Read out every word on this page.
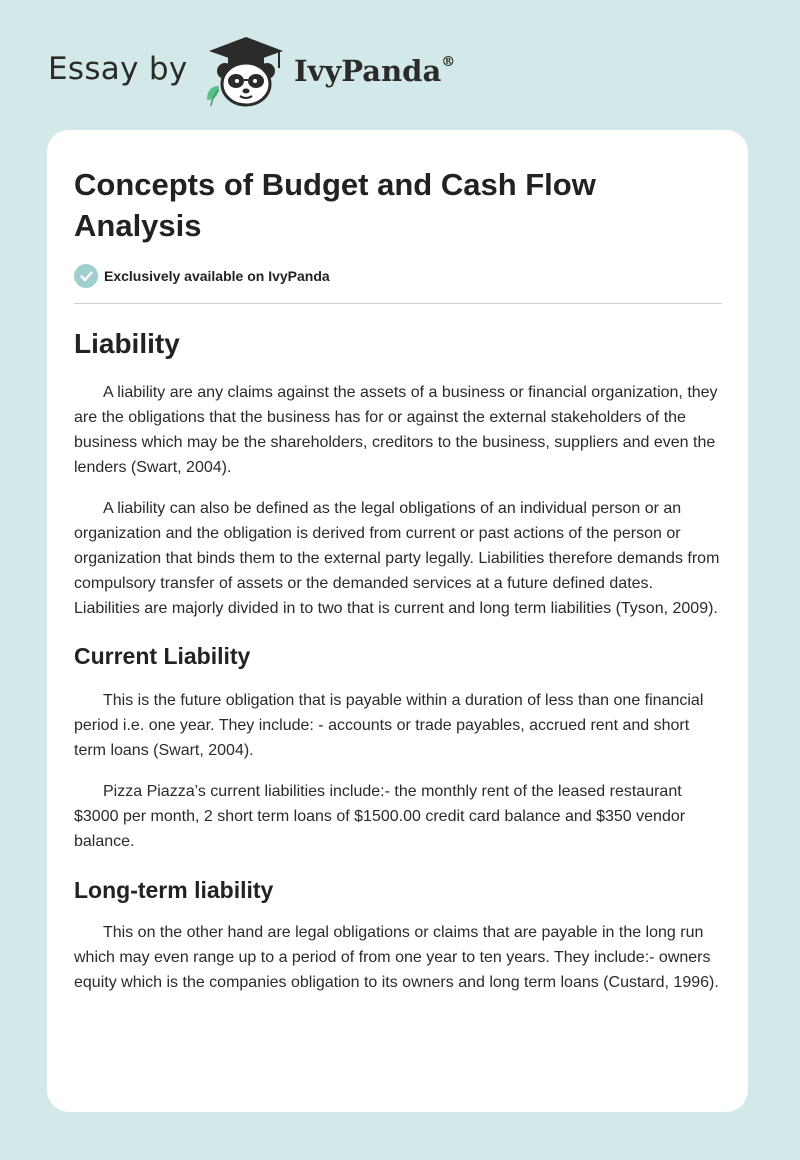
Essay by	IvyPanda®
Concepts of Budget and Cash Flow Analysis
Exclusively available on IvyPanda
Liability

A liability are any claims against the assets of a business or financial organization, they are the obligations that the business has for or against the external stakeholders of the business which may be the shareholders, creditors to the business, suppliers and even the lenders (Swart, 2004).

A liability can also be defined as the legal obligations of an individual person or an organization and the obligation is derived from current or past actions of the person or organization that binds them to the external party legally. Liabilities therefore demands from compulsory transfer of assets or the demanded services at a future defined dates. Liabilities are majorly divided in to two that is current and long term liabilities (Tyson, 2009).

Current Liability

This is the future obligation that is payable within a duration of less than one financial period i.e. one year. They include: - accounts or trade payables, accrued rent and short term loans (Swart, 2004).

Pizza Piazza’s current liabilities include:- the monthly rent of the leased restaurant $3000 per month, 2 short term loans of $1500.00 credit card balance and $350 vendor balance.

Long-term liability

This on the other hand are legal obligations or claims that are payable in the long run which may even range up to a period of from one year to ten years. They include:- owners equity which is the companies obligation to its owners and long term loans (Custard, 1996).
